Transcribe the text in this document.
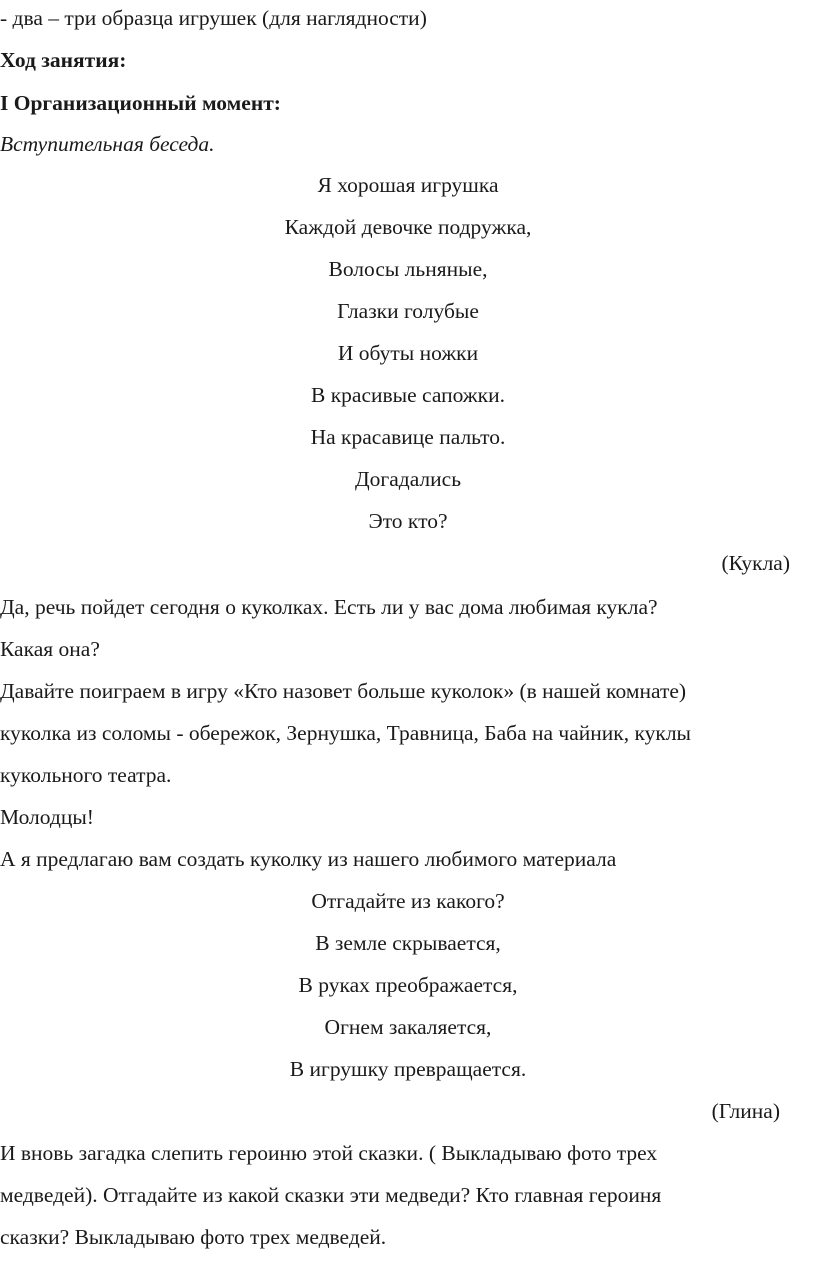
- два – три образца игрушек (для наглядности)
Ход занятия:
I Организационный момент:
Вступительная беседа.
Я хорошая игрушка
Каждой девочке подружка,
Волосы льняные,
Глазки голубые
И обуты ножки
В красивые сапожки.
На красавице пальто.
Догадались
Это кто?
(Кукла)
Да, речь пойдет сегодня о куколках. Есть ли у вас дома любимая кукла?
Какая она?
Давайте поиграем в игру «Кто назовет больше куколок» (в нашей комнате)
куколка из соломы - обережок, Зернушка, Травница, Баба на чайник, куклы
кукольного театра.
Молодцы!
А я предлагаю вам создать куколку из нашего любимого материала
Отгадайте из какого?
В земле скрывается,
В руках преображается,
Огнем закаляется,
В игрушку превращается.
(Глина)
И вновь загадка слепить героиню этой сказки. ( Выкладываю фото трех
медведей). Отгадайте из какой сказки эти медведи? Кто главная героиня
сказки? Выкладываю фото трех медведей.
